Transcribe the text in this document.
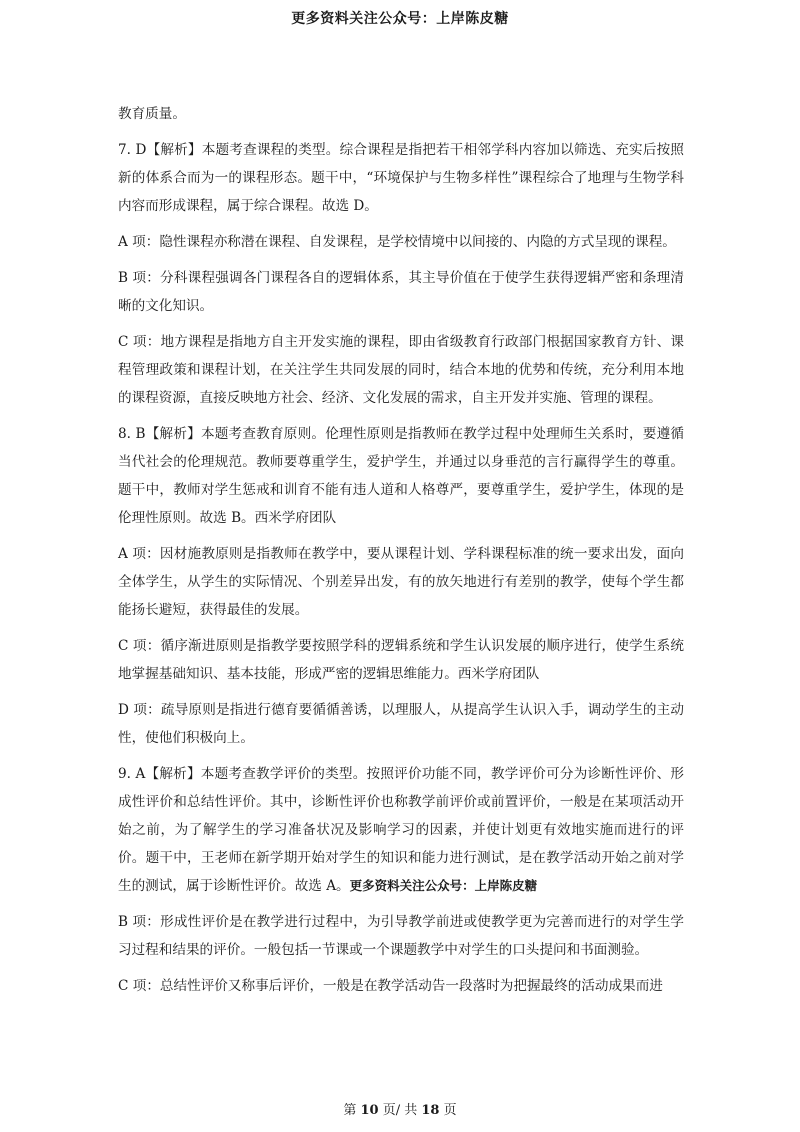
更多资料关注公众号：上岸陈皮糖

教育质量。

7. D【解析】本题考查课程的类型。综合课程是指把若干相邻学科内容加以筛选、充实后按照新的体系合而为一的课程形态。题干中，“环境保护与生物多样性”课程综合了地理与生物学科内容而形成课程，属于综合课程。故选 D。

A 项：隐性课程亦称潜在课程、自发课程，是学校情境中以间接的、内隐的方式呈现的课程。

B 项：分科课程强调各门课程各自的逻辑体系，其主导价值在于使学生获得逻辑严密和条理清晰的文化知识。

C 项：地方课程是指地方自主开发实施的课程，即由省级教育行政部门根据国家教育方针、课程管理政策和课程计划，在关注学生共同发展的同时，结合本地的优势和传统，充分利用本地的课程资源，直接反映地方社会、经济、文化发展的需求，自主开发并实施、管理的课程。

8. B【解析】本题考查教育原则。伦理性原则是指教师在教学过程中处理师生关系时，要遵循当代社会的伦理规范。教师要尊重学生，爱护学生，并通过以身垂范的言行赢得学生的尊重。题干中，教师对学生惩戒和训育不能有违人道和人格尊严，要尊重学生，爱护学生，体现的是伦理性原则。故选 B。西米学府团队

A 项：因材施教原则是指教师在教学中，要从课程计划、学科课程标准的统一要求出发，面向全体学生，从学生的实际情况、个别差异出发，有的放矢地进行有差别的教学，使每个学生都能扬长避短，获得最佳的发展。

C 项：循序渐进原则是指教学要按照学科的逻辑系统和学生认识发展的顺序进行，使学生系统地掌握基础知识、基本技能，形成严密的逻辑思维能力。西米学府团队

D 项：疏导原则是指进行德育要循循善诱，以理服人，从提高学生认识入手，调动学生的主动性，使他们积极向上。

9. A【解析】本题考查教学评价的类型。按照评价功能不同，教学评价可分为诊断性评价、形成性评价和总结性评价。其中，诊断性评价也称教学前评价或前置评价，一般是在某项活动开始之前，为了解学生的学习准备状况及影响学习的因素，并使计划更有效地实施而进行的评价。题干中，王老师在新学期开始对学生的知识和能力进行测试，是在教学活动开始之前对学生的测试，属于诊断性评价。故选 A。更多资料关注公众号：上岸陈皮糖

B 项：形成性评价是在教学进行过程中，为引导教学前进或使教学更为完善而进行的对学生学习过程和结果的评价。一般包括一节课或一个课题教学中对学生的口头提问和书面测验。

C 项：总结性评价又称事后评价，一般是在教学活动告一段落时为把握最终的活动成果而进

第 10 页/ 共 18 页
